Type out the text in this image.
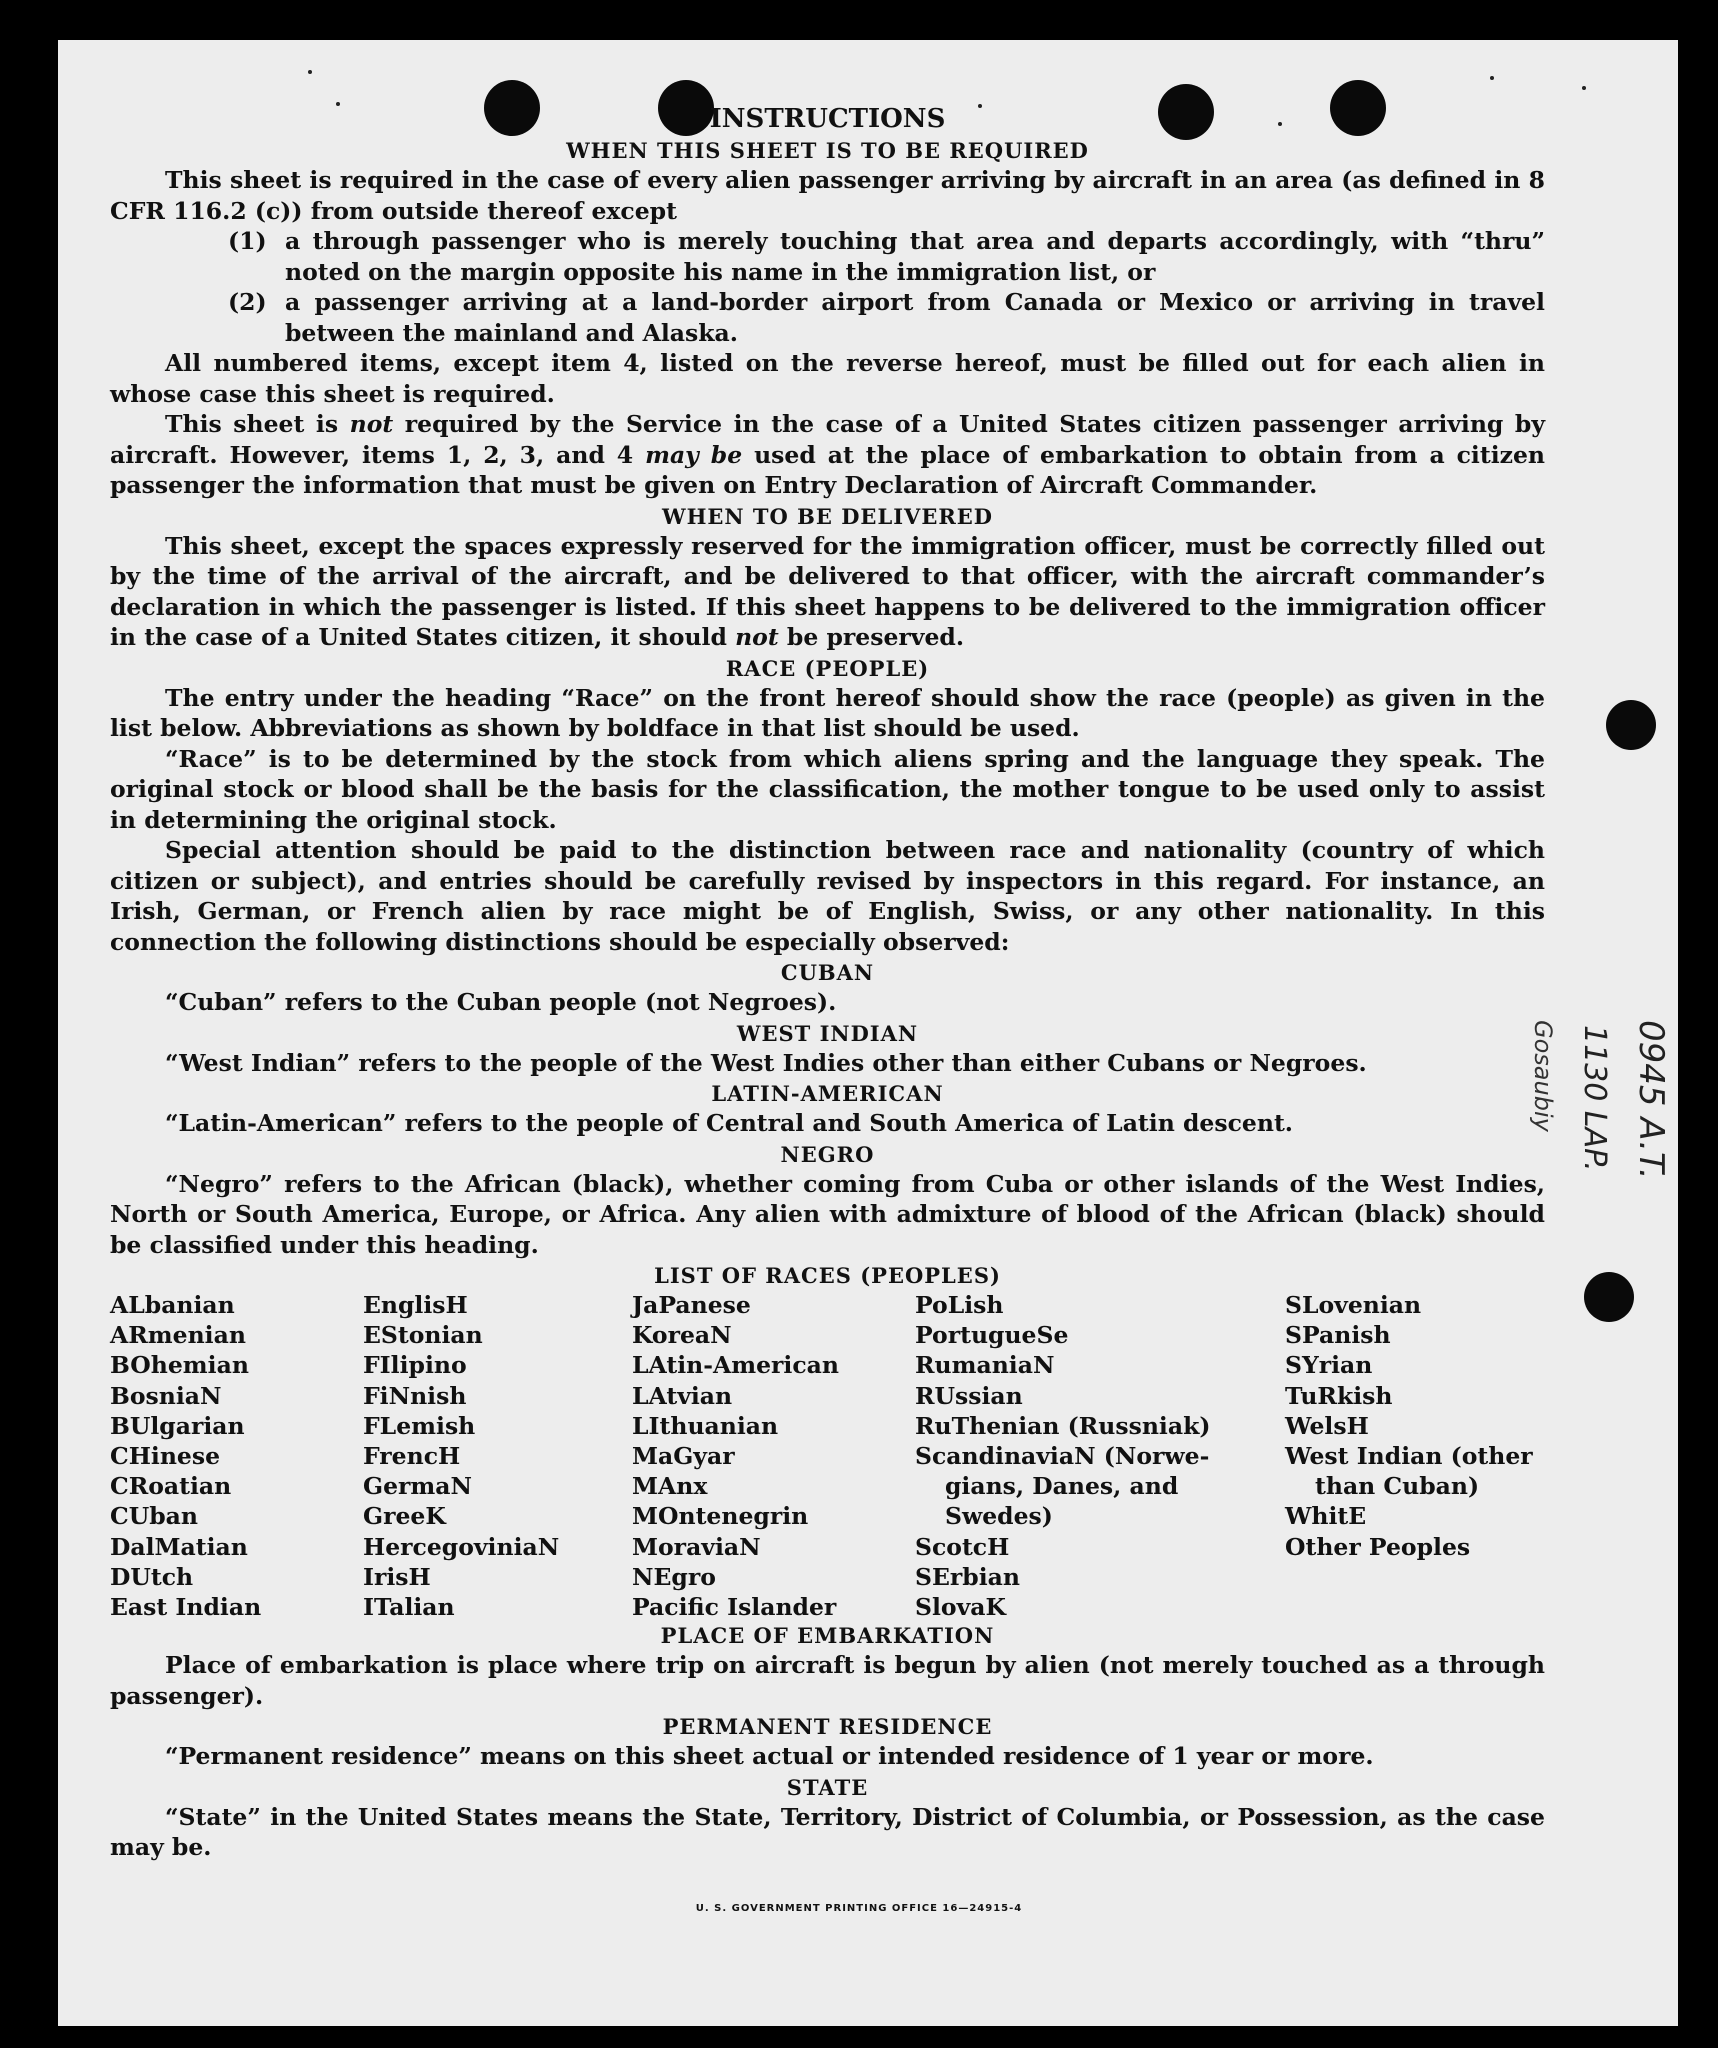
INSTRUCTIONS
WHEN THIS SHEET IS TO BE REQUIRED

This sheet is required in the case of every alien passenger arriving by aircraft in an area (as defined in 8 CFR 116.2 (c)) from outside thereof except

(1) a through passenger who is merely touching that area and departs accordingly, with “thru” noted on the margin opposite his name in the immigration list, or
(2) a passenger arriving at a land-border airport from Canada or Mexico or arriving in travel between the mainland and Alaska.

All numbered items, except item 4, listed on the reverse hereof, must be filled out for each alien in whose case this sheet is required.

This sheet is not required by the Service in the case of a United States citizen passenger arriving by aircraft. However, items 1, 2, 3, and 4 may be used at the place of embarkation to obtain from a citizen passenger the information that must be given on Entry Declaration of Aircraft Commander.

WHEN TO BE DELIVERED

This sheet, except the spaces expressly reserved for the immigration officer, must be correctly filled out by the time of the arrival of the aircraft, and be delivered to that officer, with the aircraft commander’s declaration in which the passenger is listed. If this sheet happens to be delivered to the immigration officer in the case of a United States citizen, it should not be preserved.

RACE (PEOPLE)

The entry under the heading “Race” on the front hereof should show the race (people) as given in the list below. Abbreviations as shown by boldface in that list should be used.

“Race” is to be determined by the stock from which aliens spring and the language they speak. The original stock or blood shall be the basis for the classification, the mother tongue to be used only to assist in determining the original stock.

Special attention should be paid to the distinction between race and nationality (country of which citizen or subject), and entries should be carefully revised by inspectors in this regard. For instance, an Irish, German, or French alien by race might be of English, Swiss, or any other nationality. In this connection the following distinctions should be especially observed:

CUBAN
“Cuban” refers to the Cuban people (not Negroes).
WEST INDIAN
“West Indian” refers to the people of the West Indies other than either Cubans or Negroes.
LATIN-AMERICAN
“Latin-American” refers to the people of Central and South America of Latin descent.
NEGRO

“Negro” refers to the African (black), whether coming from Cuba or other islands of the West Indies, North or South America, Europe, or Africa. Any alien with admixture of blood of the African (black) should be classified under this heading.

LIST OF RACES (PEOPLES)
ALbanian
ARmenian
BOhemian
BosniaN
BUlgarian
CHinese
CRoatian
CUban
DalMatian
DUtch
East Indian
EnglisH
EStonian
FIlipino
FiNnish
FLemish
FrencH
GermaN
GreeK
HercegoviniaN
IrisH
ITalian
JaPanese
KoreaN
LAtin-American
LAtvian
LIthuanian
MaGyar
MAnx
MOntenegrin
MoraviaN
NEgro
Pacific Islander
PoLish
PortugueSe
RumaniaN
RUssian
RuThenian (Russniak)
ScandinaviaN (Norwe-
gians, Danes, and
Swedes)
ScotcH
SErbian
SlovaK
SLovenian
SPanish
SYrian
TuRkish
WelsH
West Indian (other
than Cuban)
WhitE
Other Peoples
PLACE OF EMBARKATION

Place of embarkation is place where trip on aircraft is begun by alien (not merely touched as a through passenger).

PERMANENT RESIDENCE

“Permanent residence” means on this sheet actual or intended residence of 1 year or more.

STATE

“State” in the United States means the State, Territory, District of Columbia, or Possession, as the case may be.

U. S. GOVERNMENT PRINTING OFFICE 16—24915-4
0945 A.T.
1130 LAP.
Gosaubiy
